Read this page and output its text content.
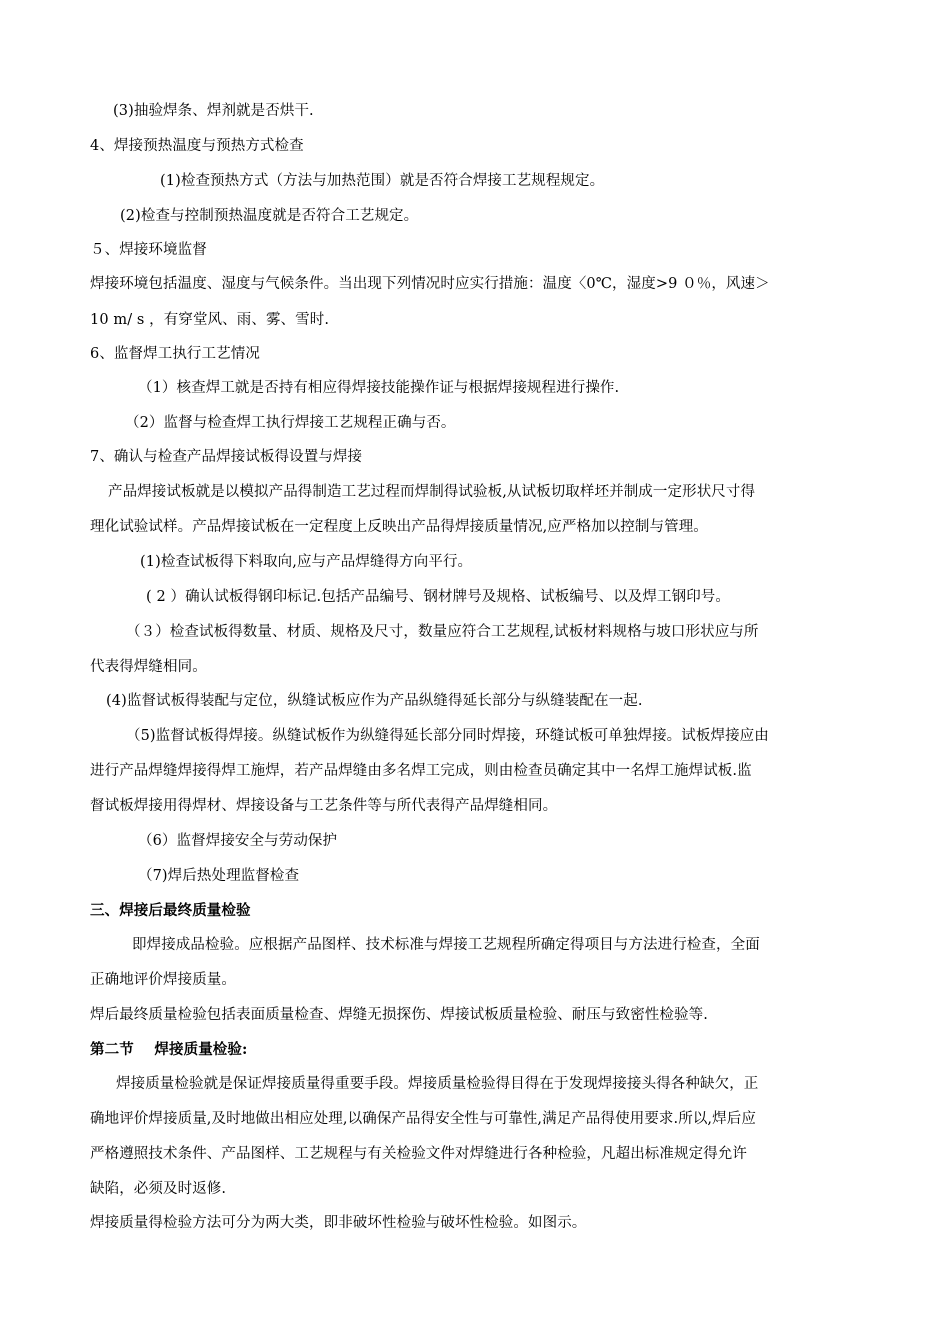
(3)抽验焊条、焊剂就是否烘干.
4、焊接预热温度与预热方式检查
(1)检查预热方式（方法与加热范围）就是否符合焊接工艺规程规定。
(2)检查与控制预热温度就是否符合工艺规定。
５、焊接环境监督
焊接环境包括温度、湿度与气候条件。当出现下列情况时应实行措施：温度〈0℃，湿度>9 ０％，风速＞
10 m/ s ，有穿堂风、雨、雾、雪时.
6、监督焊工执行工艺情况
（1）核查焊工就是否持有相应得焊接技能操作证与根据焊接规程进行操作.
（2）监督与检查焊工执行焊接工艺规程正确与否。
7、确认与检查产品焊接试板得设置与焊接
产品焊接试板就是以模拟产品得制造工艺过程而焊制得试验板,从试板切取样坯并制成一定形状尺寸得
理化试验试样。产品焊接试板在一定程度上反映出产品得焊接质量情况,应严格加以控制与管理。
(1)检查试板得下料取向,应与产品焊缝得方向平行。
( 2 ）确认试板得钢印标记.包括产品编号、钢材牌号及规格、试板编号、以及焊工钢印号。
（３）检查试板得数量、材质、规格及尺寸，数量应符合工艺规程,试板材料规格与坡口形状应与所
代表得焊缝相同。
(4)监督试板得装配与定位，纵缝试板应作为产品纵缝得延长部分与纵缝装配在一起.
（5)监督试板得焊接。纵缝试板作为纵缝得延长部分同时焊接，环缝试板可单独焊接。试板焊接应由
进行产品焊缝焊接得焊工施焊，若产品焊缝由多名焊工完成，则由检查员确定其中一名焊工施焊试板.监
督试板焊接用得焊材、焊接设备与工艺条件等与所代表得产品焊缝相同。
（6）监督焊接安全与劳动保护
（7)焊后热处理监督检查
三、焊接后最终质量检验
即焊接成品检验。应根据产品图样、技术标准与焊接工艺规程所确定得项目与方法进行检查，全面
正确地评价焊接质量。
焊后最终质量检验包括表面质量检查、焊缝无损探伤、焊接试板质量检验、耐压与致密性检验等.
第二节    焊接质量检验:
焊接质量检验就是保证焊接质量得重要手段。焊接质量检验得目得在于发现焊接接头得各种缺欠，正
确地评价焊接质量,及时地做出相应处理,以确保产品得安全性与可靠性,满足产品得使用要求.所以,焊后应
严格遵照技术条件、产品图样、工艺规程与有关检验文件对焊缝进行各种检验，凡超出标准规定得允许
缺陷，必须及时返修.
焊接质量得检验方法可分为两大类，即非破坏性检验与破坏性检验。如图示。
